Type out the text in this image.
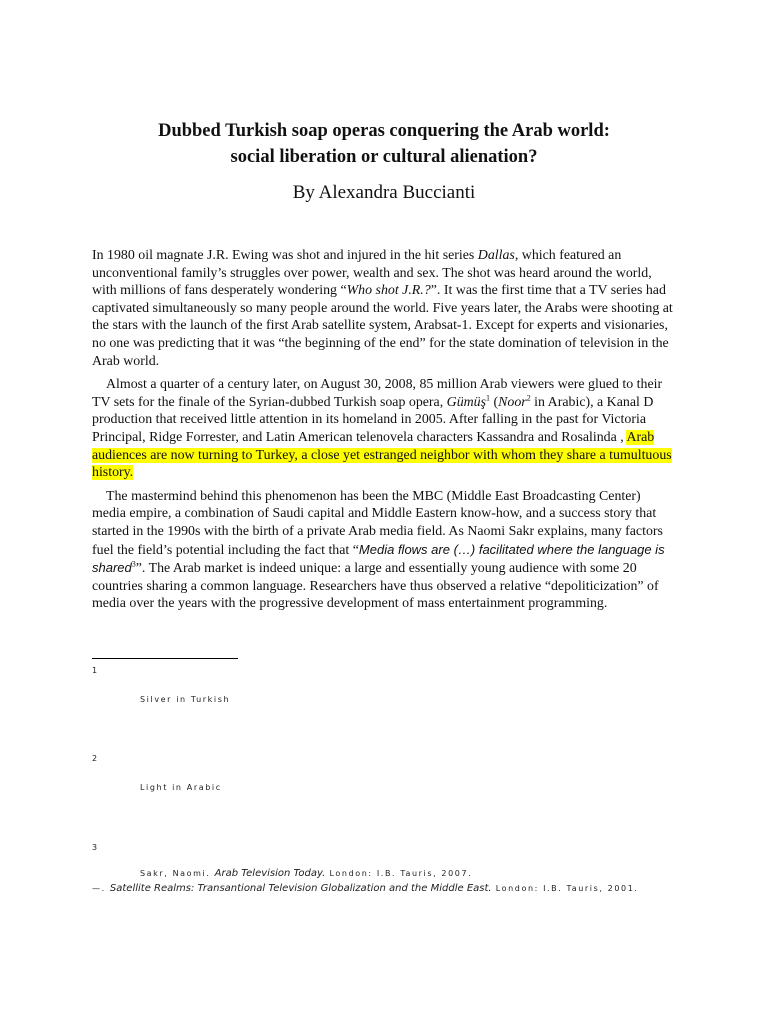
Dubbed Turkish soap operas conquering the Arab world:
social liberation or cultural alienation?
By Alexandra Buccianti

In 1980 oil magnate J.R. Ewing was shot and injured in the hit series Dallas, which featured an unconventional family’s struggles over power, wealth and sex. The shot was heard around the world, with millions of fans desperately wondering “Who shot J.R.?”. It was the first time that a TV series had captivated simultaneously so many people around the world. Five years later, the Arabs were shooting at the stars with the launch of the first Arab satellite system, Arabsat-1. Except for experts and visionaries, no one was predicting that it was “the beginning of the end” for the state domination of television in the Arab world.

Almost a quarter of a century later, on August 30, 2008, 85 million Arab viewers were glued to their TV sets for the finale of the Syrian-dubbed Turkish soap opera, Gümüş$^1$ (Noor$^2$ in Arabic), a Kanal D production that received little attention in its homeland in 2005. After falling in the past for Victoria Principal, Ridge Forrester, and Latin American telenovela characters Kassandra and Rosalinda , Arab audiences are now turning to Turkey, a close yet estranged neighbor with whom they share a tumultuous history.

The mastermind behind this phenomenon has been the MBC (Middle East Broadcasting Center) media empire, a combination of Saudi capital and Middle Eastern know-how, and a success story that started in the 1990s with the birth of a private Arab media field. As Naomi Sakr explains, many factors fuel the field’s potential including the fact that “Media flows are (…) facilitated where the language is shared$^3$”. The Arab market is indeed unique: a large and essentially young audience with some 20 countries sharing a common language. Researchers have thus observed a relative “depoliticization” of media over the years with the progressive development of mass entertainment programming.

1
Silver in Turkish
2
Light in Arabic
3
Sakr, Naomi. Arab Television Today. London: I.B. Tauris, 2007.
—. Satellite Realms: Transantional Television Globalization and the Middle East. London: I.B. Tauris, 2001.
